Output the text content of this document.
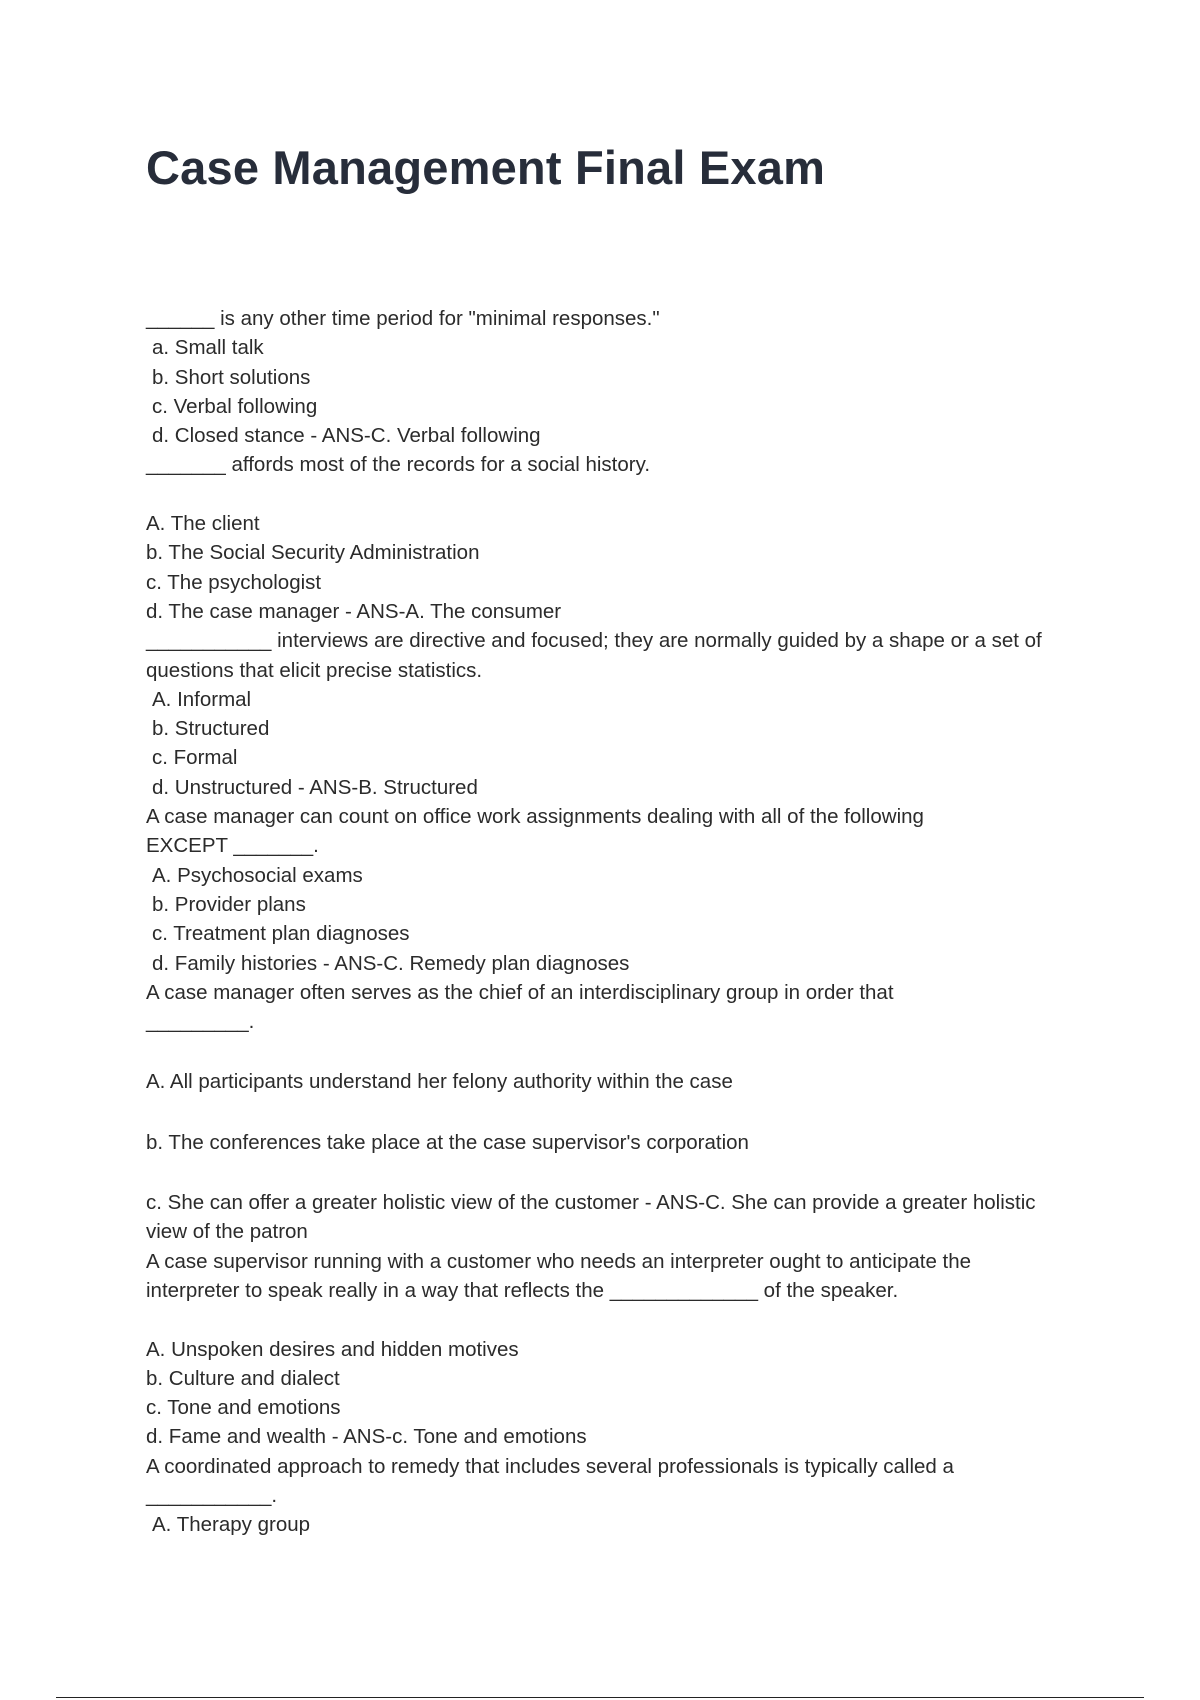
Case Management Final Exam
______ is any other time period for "minimal responses."
a. Small talk
b. Short solutions
c. Verbal following
d. Closed stance - ANS-C. Verbal following
_______ affords most of the records for a social history.
A. The client
b. The Social Security Administration
c. The psychologist
d. The case manager - ANS-A. The consumer
___________ interviews are directive and focused; they are normally guided by a shape or a set of questions that elicit precise statistics.
A. Informal
b. Structured
c. Formal
d. Unstructured - ANS-B. Structured
A case manager can count on office work assignments dealing with all of the following EXCEPT _______.
A. Psychosocial exams
b. Provider plans
c. Treatment plan diagnoses
d. Family histories - ANS-C. Remedy plan diagnoses
A case manager often serves as the chief of an interdisciplinary group in order that _________.
A. All participants understand her felony authority within the case
b. The conferences take place at the case supervisor's corporation
c. She can offer a greater holistic view of the customer - ANS-C. She can provide a greater holistic view of the patron
A case supervisor running with a customer who needs an interpreter ought to anticipate the interpreter to speak really in a way that reflects the _____________ of the speaker.
A. Unspoken desires and hidden motives
b. Culture and dialect
c. Tone and emotions
d. Fame and wealth - ANS-c. Tone and emotions
A coordinated approach to remedy that includes several professionals is typically called a ___________.
A. Therapy group
